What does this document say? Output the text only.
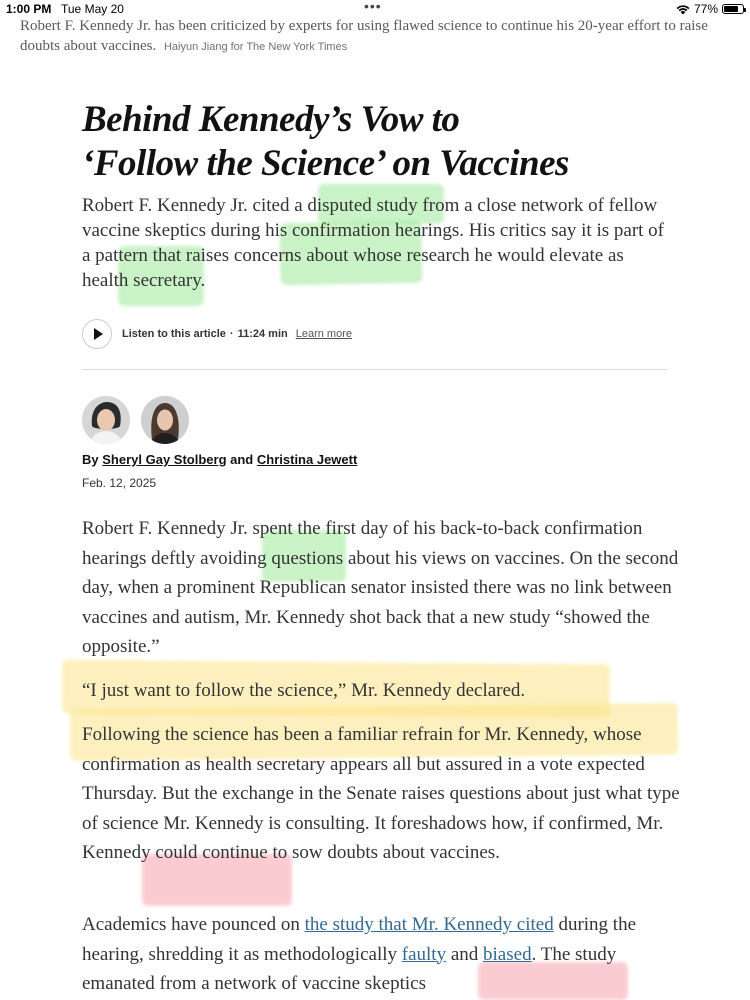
1:00 PM Tue May 20	•••	77%
Robert F. Kennedy Jr. has been criticized by experts for using flawed science to continue his 20-year effort to raise doubts about vaccines. Haiyun Jiang for The New York Times
Behind Kennedy’s Vow to
‘Follow the Science’ on Vaccines

Robert F. Kennedy Jr. cited a disputed study from a close network of fellow vaccine skeptics during his confirmation hearings. His critics say it is part of a pattern that raises concerns about whose research he would elevate as health secretary.

Listen to this article · 11:24 min Learn more
By Sheryl Gay Stolberg and Christina Jewett
Feb. 12, 2025

Robert F. Kennedy Jr. spent the first day of his back-to-back confirmation hearings deftly avoiding questions about his views on vaccines. On the second day, when a prominent Republican senator insisted there was no link between vaccines and autism, Mr. Kennedy shot back that a new study “showed the opposite.”

“I just want to follow the science,” Mr. Kennedy declared.

Following the science has been a familiar refrain for Mr. Kennedy, whose confirmation as health secretary appears all but assured in a vote expected Thursday. But the exchange in the Senate raises questions about just what type of science Mr. Kennedy is consulting. It foreshadows how, if confirmed, Mr. Kennedy could continue to sow doubts about vaccines.

Academics have pounced on the study that Mr. Kennedy cited during the hearing, shredding it as methodologically faulty and biased. The study emanated from a network of vaccine skeptics
